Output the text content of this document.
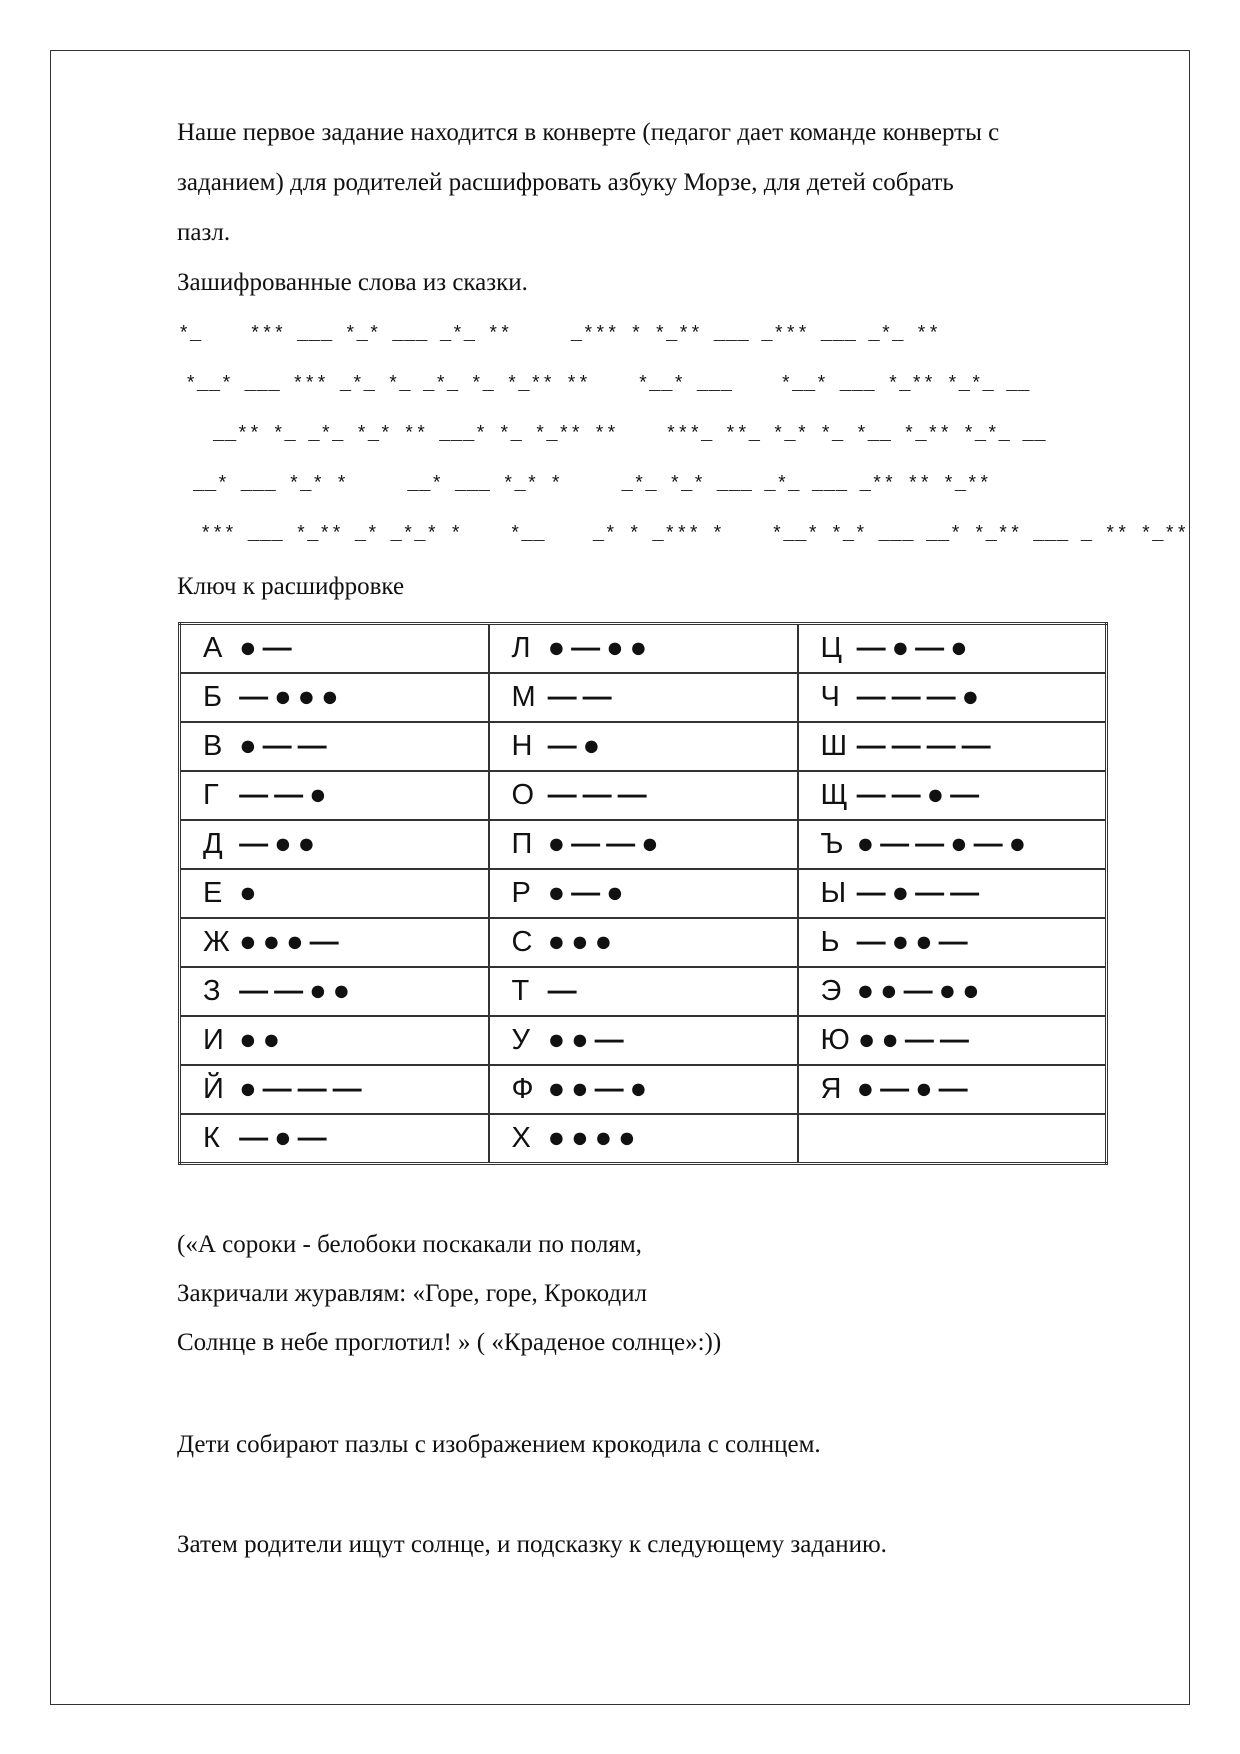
Наше первое задание находится в конверте (педагог дает команде конверты с
заданием) для родителей расшифровать азбуку Морзе, для детей собрать
пазл.
Зашифрованные слова из сказки.
*_    *** ___ *_* ___ _*_ **     _*** * *_** ___ _*** ___ _*_ **
*__* ___ *** _*_ *_ _*_ *_ *_** **    *__* ___    *__* ___ *_** *_*_ __
__** *_ _*_ *_* ** ___* *_ *_** **    ***_ **_ *_* *_ *__ *_** *_*_ __
__* ___ *_* *     __* ___ *_* *     _*_ *_* ___ _*_ ___ _** ** *_**
*** ___ *_** _* _*_* *    *__    _* * _*** *    *__* *_* ___ __* *_** ___ _ ** *_**
Ключ к расшифровке
А ●—	Л ●—●●	Ц —●—●
Б —●●●	М ——	Ч ———●
В ●——	Н —●	Ш ————
Г ——●	О ———	Щ ——●—
Д —●●	П ●——●	Ъ ●——●—●
Е ●	Р ●—●	Ы —●——
Ж ●●●—	С ●●●	Ь —●●—
З ——●●	Т —	Э ●●—●●
И ●●	У ●●—	Ю ●●——
Й ●———	Ф ●●—●	Я ●—●—
К —●—	Х ●●●●	
(«А сороки - белобоки поскакали по полям,
Закричали журавлям: «Горе, горе, Крокодил
Солнце в небе проглотил! » ( «Краденое солнце»:))
Дети собирают пазлы с изображением крокодила с солнцем.
Затем родители ищут солнце, и подсказку к следующему заданию.
